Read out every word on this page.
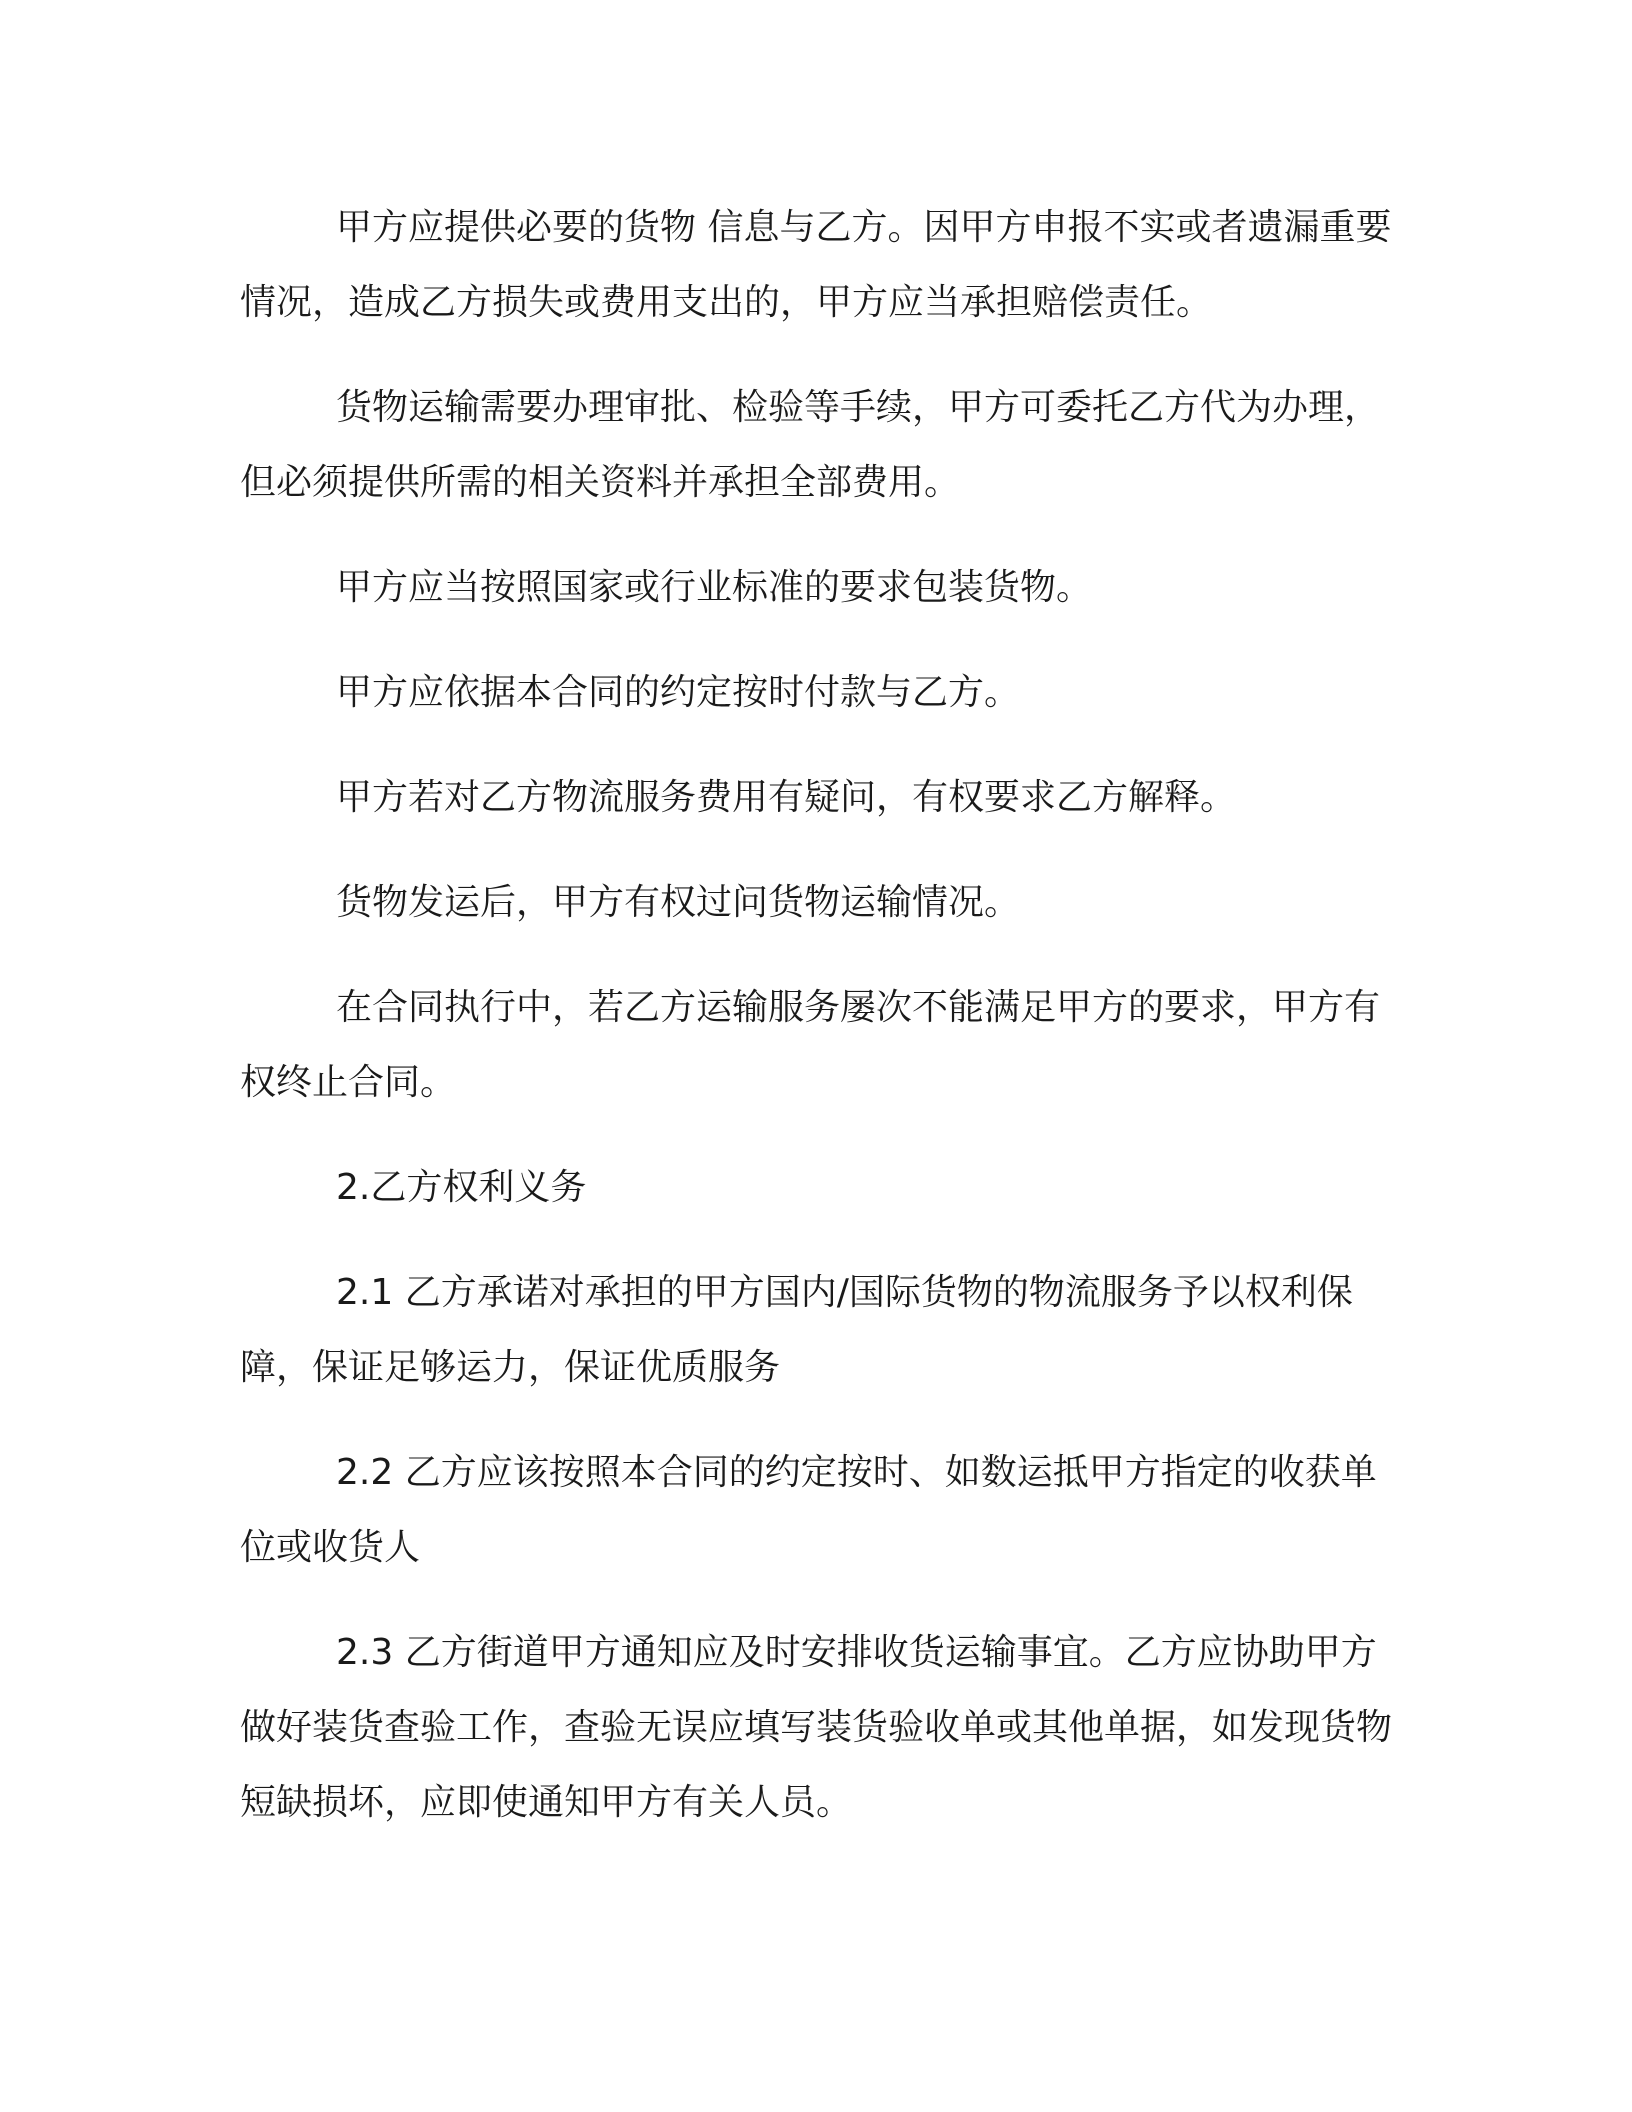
甲方应提供必要的货物 信息与乙方。因甲方申报不实或者遗漏重要情况，造成乙方损失或费用支出的，甲方应当承担赔偿责任。

货物运输需要办理审批、检验等手续，甲方可委托乙方代为办理，但必须提供所需的相关资料并承担全部费用。

甲方应当按照国家或行业标准的要求包装货物。

甲方应依据本合同的约定按时付款与乙方。

甲方若对乙方物流服务费用有疑问，有权要求乙方解释。

货物发运后，甲方有权过问货物运输情况。

在合同执行中，若乙方运输服务屡次不能满足甲方的要求，甲方有权终止合同。

2.乙方权利义务

2.1 乙方承诺对承担的甲方国内/国际货物的物流服务予以权利保障，保证足够运力，保证优质服务

2.2 乙方应该按照本合同的约定按时、如数运抵甲方指定的收获单位或收货人

2.3 乙方街道甲方通知应及时安排收货运输事宜。乙方应协助甲方做好装货查验工作，查验无误应填写装货验收单或其他单据，如发现货物短缺损坏，应即使通知甲方有关人员。
